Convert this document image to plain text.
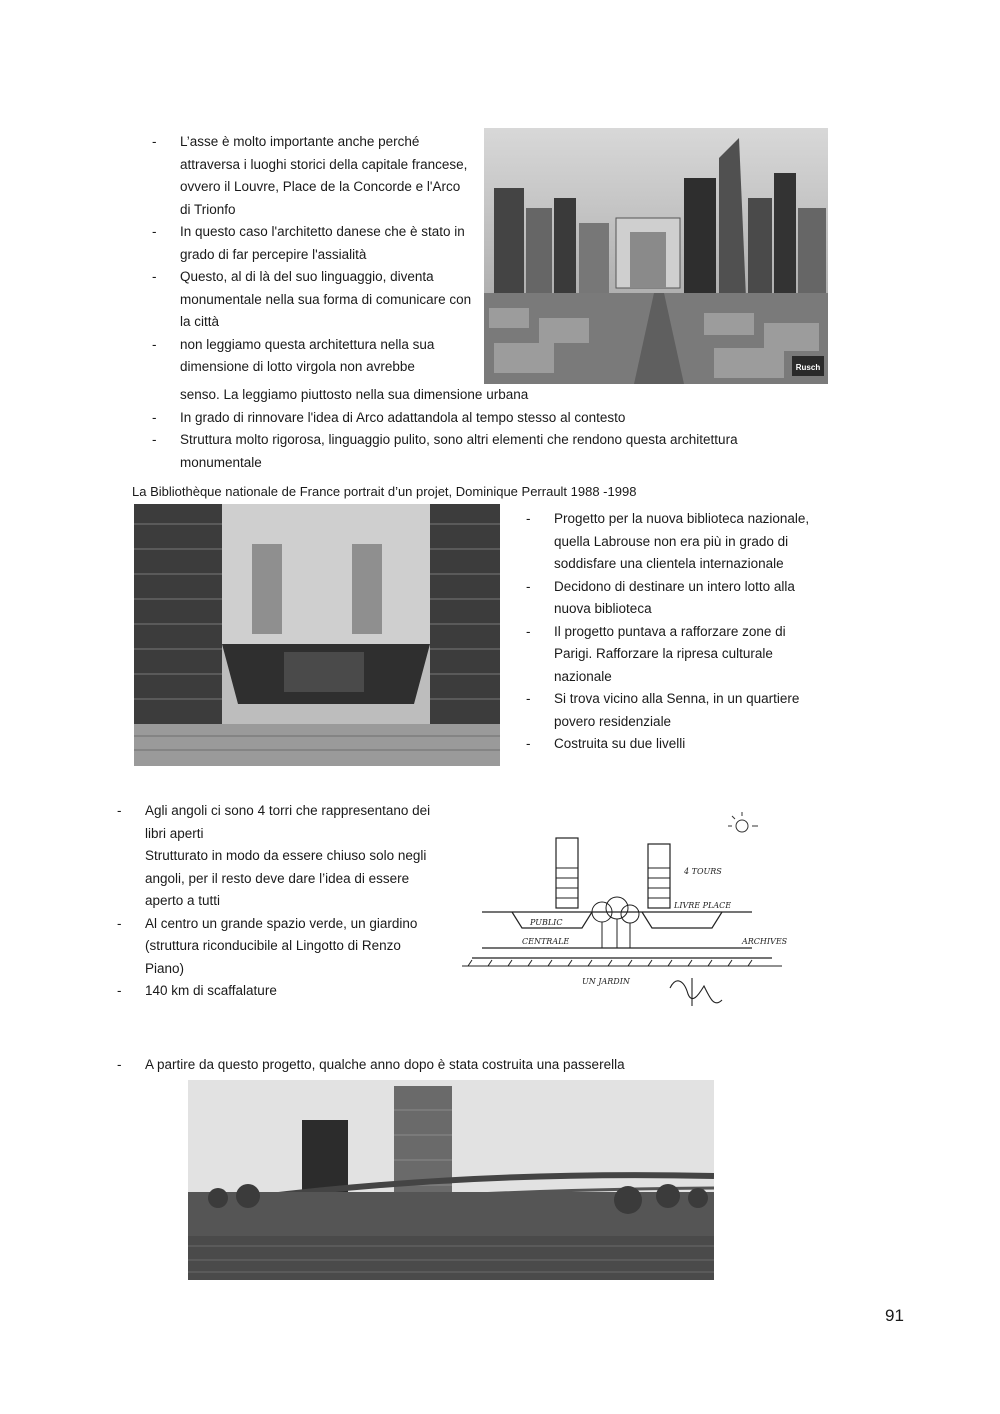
- L’asse è molto importante anche perché attraversa i luoghi storici della capitale francese, ovvero il Louvre, Place de la Concorde e l'Arco di Trionfo
- In questo caso l'architetto danese che è stato in grado di far percepire l'assialità
- Questo, al di là del suo linguaggio, diventa monumentale nella sua forma di comunicare con la città
- non leggiamo questa architettura nella sua dimensione di lotto virgola non avrebbe
senso. La leggiamo piuttosto nella sua dimensione urbana
- In grado di rinnovare l'idea di Arco adattandola al tempo stesso al contesto
- Struttura molto rigorosa, linguaggio pulito, sono altri elementi che rendono questa architettura monumentale
Rusch
La Bibliothèque nationale de France portrait d’un projet, Dominique Perrault 1988 -1998
- Progetto per la nuova biblioteca nazionale, quella Labrouse non era più in grado di soddisfare una clientela internazionale
- Decidono di destinare un intero lotto alla nuova biblioteca
- Il progetto puntava a rafforzare zone di Parigi. Rafforzare la ripresa culturale nazionale
- Si trova vicino alla Senna, in un quartiere povero residenziale
- Costruita su due livelli
- Agli angoli ci sono 4 torri che rappresentano dei libri aperti
Strutturato in modo da essere chiuso solo negli angoli, per il resto deve dare l’idea di essere aperto a tutti
- Al centro un grande spazio verde, un giardino (struttura riconducibile al Lingotto di Renzo Piano)
- 140 km di scaffalature
4 TOURS
PUBLIC
LIVRE PLACE
ARCHIVES
CENTRALE
UN JARDIN
- A partire da questo progetto, qualche anno dopo è stata costruita una passerella
91
